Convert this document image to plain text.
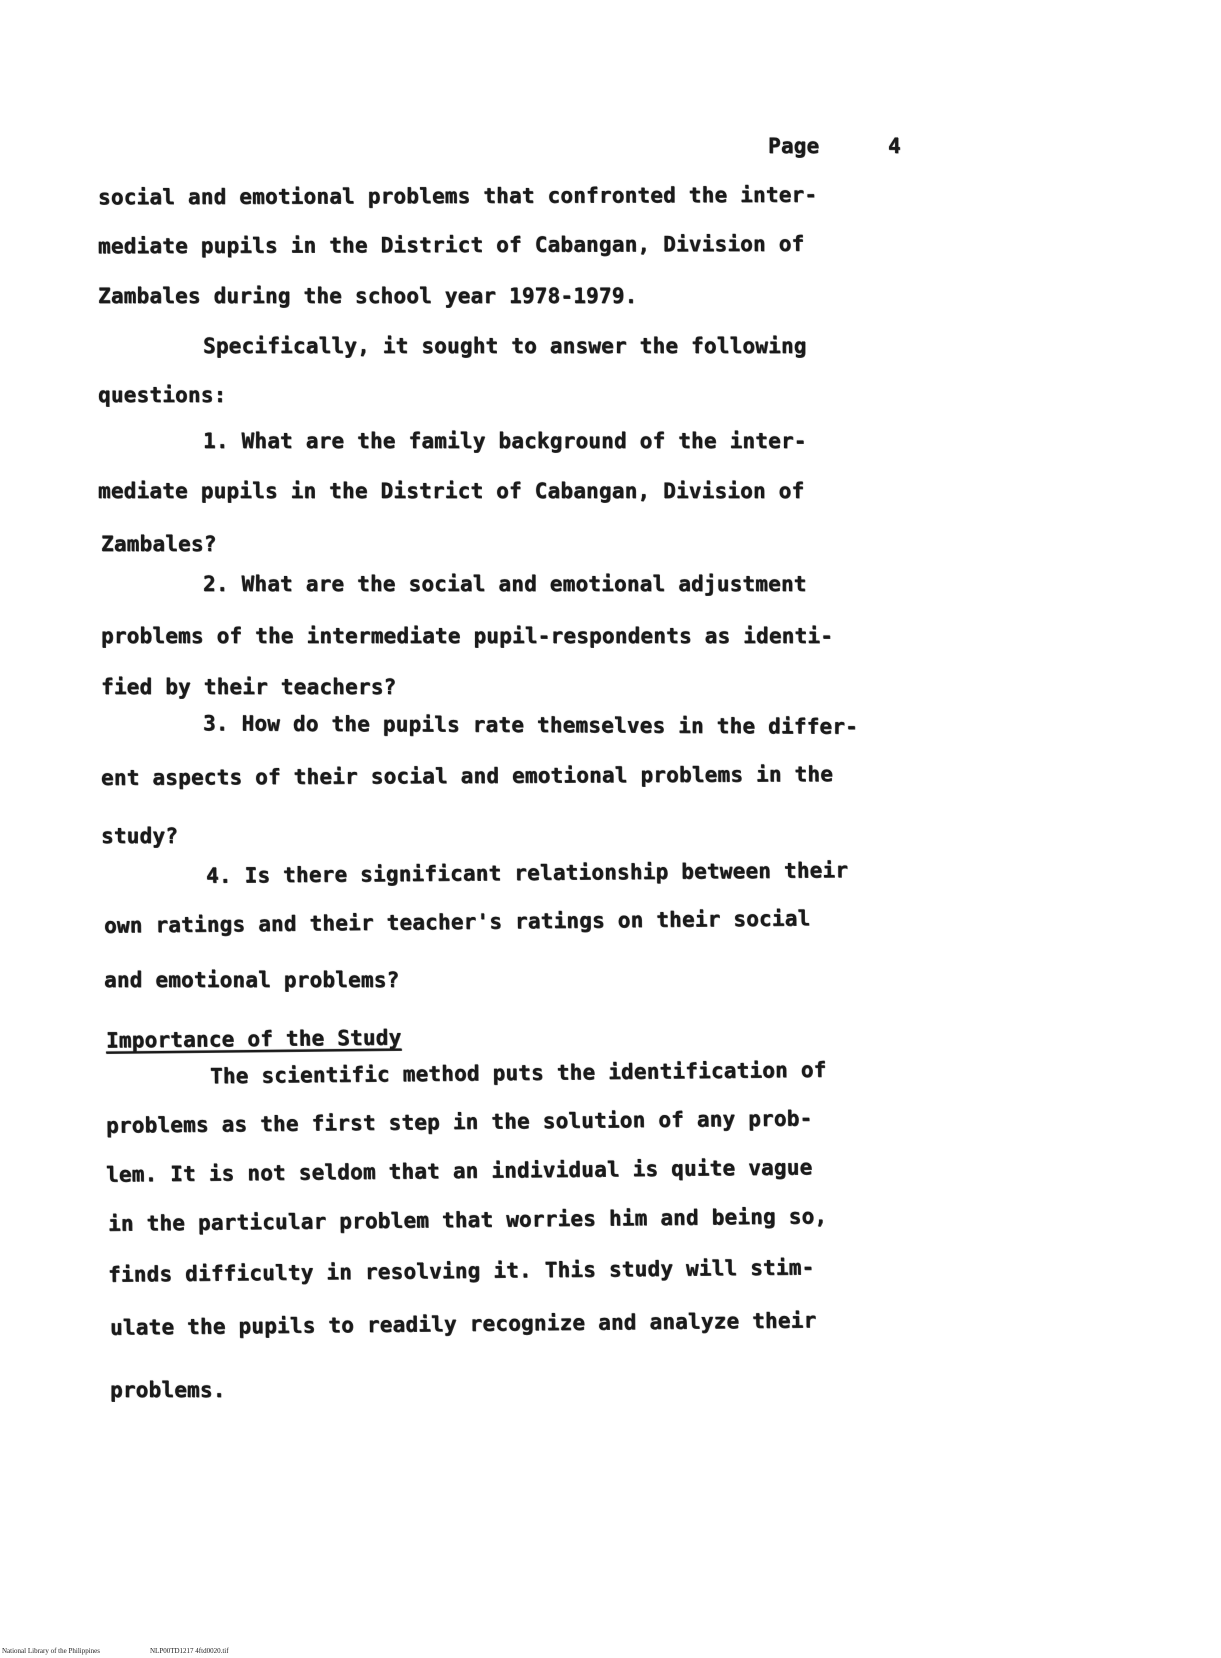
Page	4
social and emotional problems that confronted the inter-
mediate pupils in the District of Cabangan, Division of
Zambales during the school year 1978-1979.
Specifically, it sought to answer the following
questions:
1. What are the family background of the inter-
mediate pupils in the District of Cabangan, Division of
Zambales?
2. What are the social and emotional adjustment
problems of the intermediate pupil-respondents as identi-
fied by their teachers?
3. How do the pupils rate themselves in the differ-
ent aspects of their social and emotional problems in the
study?
4. Is there significant relationship between their
own ratings and their teacher's ratings on their social
and emotional problems?
Importance of the Study
The scientific method puts the identification of
problems as the first step in the solution of any prob-
lem. It is not seldom that an individual is quite vague
in the particular problem that worries him and being so,
finds difficulty in resolving it. This study will stim-
ulate the pupils to readily recognize and analyze their
problems.
National Library of the Philippines	NLP00TD1217 4ftd0020.tif
